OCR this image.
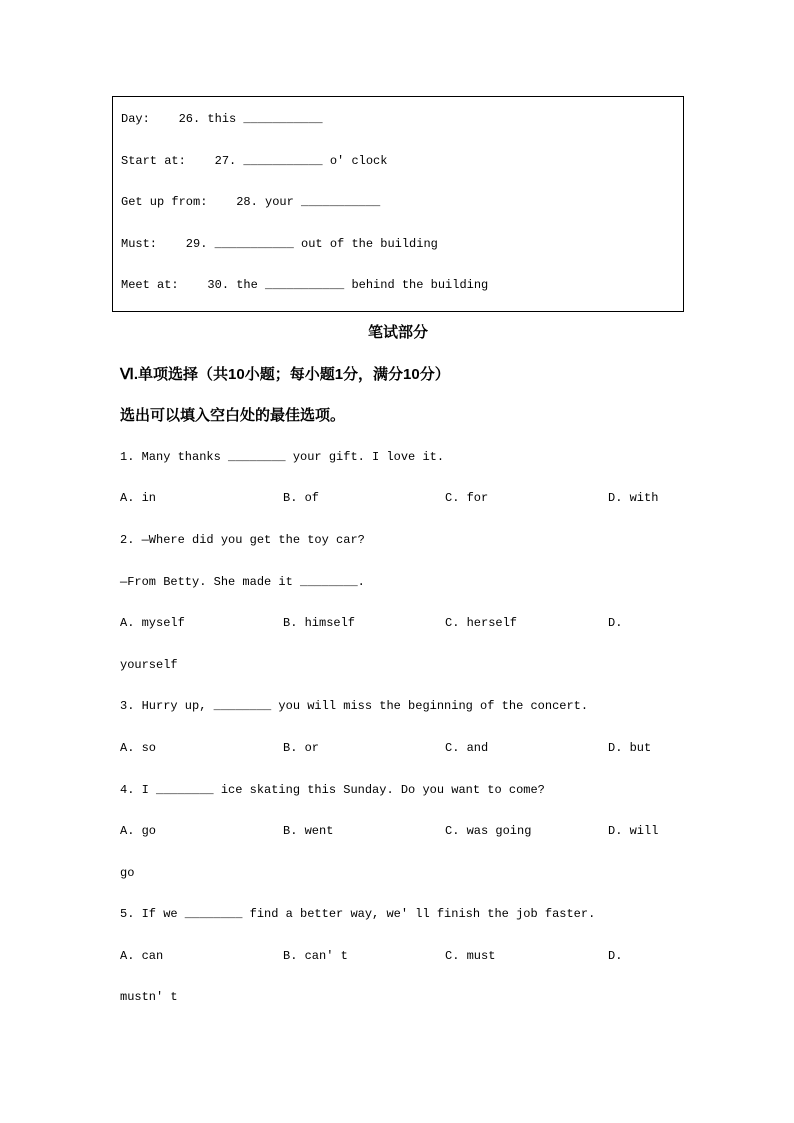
Day:    26. this ___________
Start at:    27. ___________ o' clock
Get up from:    28. your ___________
Must:    29. ___________ out of the building
Meet at:    30. the ___________ behind the building
笔试部分
Ⅵ.单项选择（共10小题；每小题1分，满分10分）
选出可以填入空白处的最佳选项。
1. Many thanks ________ your gift. I love it.
A. in	B. of	C. for	D. with
2. —Where did you get the toy car?
—From Betty. She made it ________.
A. myself	B. himself	C. herself	D.
yourself
3. Hurry up, ________ you will miss the beginning of the concert.
A. so	B. or	C. and	D. but
4. I ________ ice skating this Sunday. Do you want to come?
A. go	B. went	C. was going	D. will
go
5. If we ________ find a better way, we' ll finish the job faster.
A. can	B. can' t	C. must	D.
mustn' t
